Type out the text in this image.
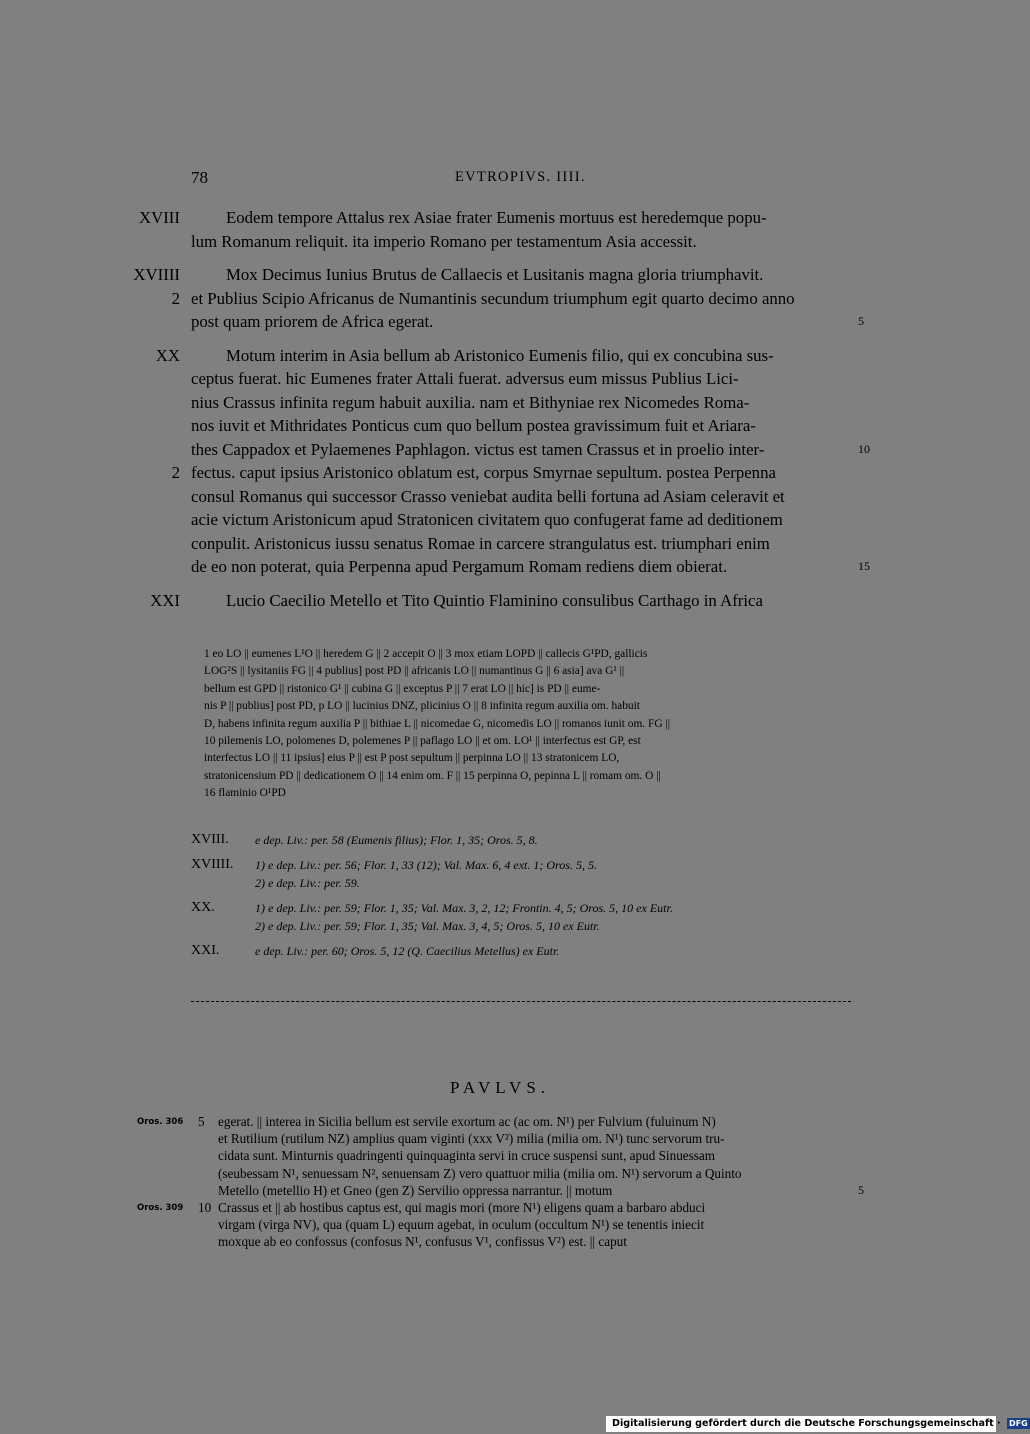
78	EVTROPIVS. IIII.
XVIII	Eodem tempore Attalus rex Asiae frater Eumenis mortuus est heredemque popu-
lum Romanum reliquit. ita imperio Romano per testamentum Asia accessit.
XVIIII	Mox Decimus Iunius Brutus de Callaecis et Lusitanis magna gloria triumphavit.
2 et Publius Scipio Africanus de Numantinis secundum triumphum egit quarto decimo anno
post quam priorem de Africa egerat.	5
XX	Motum interim in Asia bellum ab Aristonico Eumenis filio, qui ex concubina sus-
ceptus fuerat. hic Eumenes frater Attali fuerat. adversus eum missus Publius Lici-
nius Crassus infinita regum habuit auxilia. nam et Bithyniae rex Nicomedes Roma-
nos iuvit et Mithridates Ponticus cum quo bellum postea gravissimum fuit et Ariara-
thes Cappadox et Pylaemenes Paphlagon. victus est tamen Crassus et in proelio inter-	10
2 fectus. caput ipsius Aristonico oblatum est, corpus Smyrnae sepultum. postea Perpenna
consul Romanus qui successor Crasso veniebat audita belli fortuna ad Asiam celeravit et
acie victum Aristonicum apud Stratonicen civitatem quo confugerat fame ad deditionem
conpulit. Aristonicus iussu senatus Romae in carcere strangulatus est. triumphari enim
de eo non poterat, quia Perpenna apud Pergamum Romam rediens diem obierat.	15
XXI	Lucio Caecilio Metello et Tito Quintio Flaminino consulibus Carthago in Africa
1 eo LO || eumenes L¹O || heredem G || 2 accepit O || 3 mox etiam LOPD || callecis G¹PD, gallicis
LOG²S || lysitaniis FG || 4 publius] post PD || africanis LO || numantinus G || 6 asia] ava G¹ ||
bellum est GPD || ristonico G¹ || cubina G || exceptus P || 7 erat LO || hic] is PD || eume-
nis P || publius] post PD, p LO || lucinius DNZ, plicinius O || 8 infinita regum auxilia om. habuit
D, habens infinita regum auxilia P || bithiae L || nicomedae G, nicomedis LO || romanos iunit om. FG ||
10 pilemenis LO, polomenes D, polemenes P || paflago LO || et om. LO¹ || interfectus est GP, est
interfectus LO || 11 ipsius] eius P || est P post sepultum || perpinna LO || 13 stratonicem LO,
stratonicensium PD || dedicationem O || 14 enim om. F || 15 perpinna O, pepinna L || romam om. O ||
16 flaminio O¹PD
XVIII.	e dep. Liv.: per. 58 (Eumenis filius); Flor. 1, 35; Oros. 5, 8.
XVIIII.	1) e dep. Liv.: per. 56; Flor. 1, 33 (12); Val. Max. 6, 4 ext. 1; Oros. 5, 5.
2) e dep. Liv.: per. 59.
XX.	1) e dep. Liv.: per. 59; Flor. 1, 35; Val. Max. 3, 2, 12; Frontin. 4, 5; Oros. 5, 10 ex Eutr.
2) e dep. Liv.: per. 59; Flor. 1, 35; Val. Max. 3, 4, 5; Oros. 5, 10 ex Eutr.
XXI.	e dep. Liv.: per. 60; Oros. 5, 12 (Q. Caecilius Metellus) ex Eutr.
PAVLVS.
Oros. 306 5 egerat. || interea in Sicilia bellum est servile exortum ac (ac om. N¹) per Fulvium (fuluinum N)
et Rutilium (rutilum NZ) amplius quam viginti (xxx V²) milia (milia om. N¹) tunc servorum tru-
cidata sunt. Minturnis quadringenti quinquaginta servi in cruce suspensi sunt, apud Sinuessam
(seubessam N¹, senuessam N², senuensam Z) vero quattuor milia (milia om. N¹) servorum a Quinto
Metello (metellio H) et Gneo (gen Z) Servilio oppressa narrantur. || motum	5
Oros. 309 10 Crassus et || ab hostibus captus est, qui magis mori (more N¹) eligens quam a barbaro abduci
virgam (virga NV), qua (quam L) equum agebat, in oculum (occultum N¹) se tenentis iniecit
moxque ab eo confossus (confosus N¹, confusus V¹, confissus V²) est. || caput
Digitalisierung gefördert durch die Deutsche Forschungsgemeinschaft · DFG
